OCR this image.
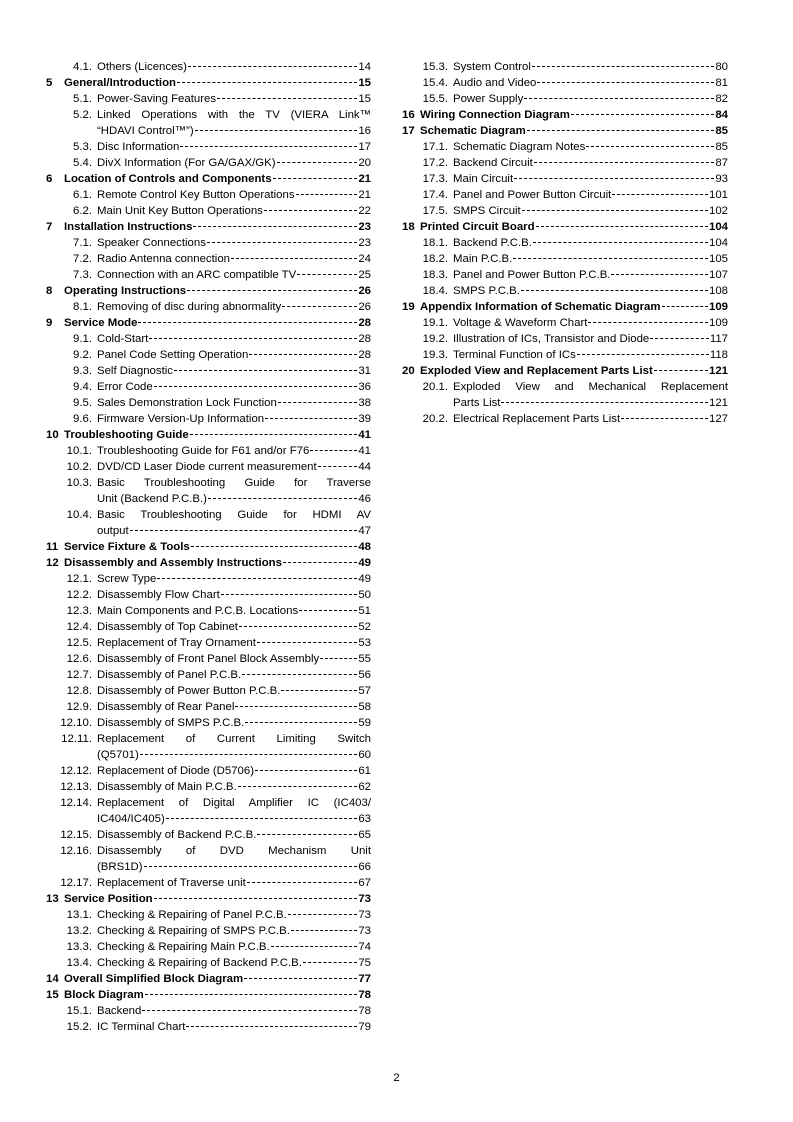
4.1. Others (Licences)	14
5	General/Introduction	15
5.1. Power-Saving Features	15
5.2. Linked Operations with the TV (VIERA Link™
“HDAVI Control™”)	16
5.3. Disc Information	17
5.4. DivX Information (For GA/GAX/GK)	20
6	Location of Controls and Components	21
6.1. Remote Control Key Button Operations	21
6.2. Main Unit Key Button Operations	22
7	Installation Instructions	23
7.1. Speaker Connections	23
7.2. Radio Antenna connection	24
7.3. Connection with an ARC compatible TV	25
8	Operating Instructions	26
8.1. Removing of disc during abnormality	26
9	Service Mode	28
9.1. Cold-Start	28
9.2. Panel Code Setting Operation	28
9.3. Self Diagnostic	31
9.4. Error Code	36
9.5. Sales Demonstration Lock Function	38
9.6. Firmware Version-Up Information	39
10 Troubleshooting Guide	41
10.1. Troubleshooting Guide for F61 and/or F76	41
10.2. DVD/CD Laser Diode current measurement	44
10.3. Basic Troubleshooting Guide for Traverse
Unit (Backend P.C.B.)	46
10.4. Basic Troubleshooting Guide for HDMI AV
output	47
11 Service Fixture & Tools	48
12 Disassembly and Assembly Instructions	49
12.1. Screw Type	49
12.2. Disassembly Flow Chart	50
12.3. Main Components and P.C.B. Locations	51
12.4. Disassembly of Top Cabinet	52
12.5. Replacement of Tray Ornament	53
12.6. Disassembly of Front Panel Block Assembly	55
12.7. Disassembly of Panel P.C.B.	56
12.8. Disassembly of Power Button P.C.B.	57
12.9. Disassembly of Rear Panel	58
12.10. Disassembly of SMPS P.C.B.	59
12.11. Replacement of Current Limiting Switch
(Q5701)	60
12.12. Replacement of Diode (D5706)	61
12.13. Disassembly of Main P.C.B.	62
12.14. Replacement of Digital Amplifier IC (IC403/
IC404/IC405)	63
12.15. Disassembly of Backend P.C.B.	65
12.16. Disassembly of DVD Mechanism Unit
(BRS1D)	66
12.17. Replacement of Traverse unit	67
13 Service Position	73
13.1. Checking & Repairing of Panel P.C.B.	73
13.2. Checking & Repairing of SMPS P.C.B.	73
13.3. Checking & Repairing Main P.C.B.	74
13.4. Checking & Repairing of Backend P.C.B.	75
14 Overall Simplified Block Diagram	77
15 Block Diagram	78
15.1. Backend	78
15.2. IC Terminal Chart	79
15.3. System Control	80
15.4. Audio and Video	81
15.5. Power Supply	82
16 Wiring Connection Diagram	84
17 Schematic Diagram	85
17.1. Schematic Diagram Notes	85
17.2. Backend Circuit	87
17.3. Main Circuit	93
17.4. Panel and Power Button Circuit	101
17.5. SMPS Circuit	102
18 Printed Circuit Board	104
18.1. Backend P.C.B.	104
18.2. Main P.C.B.	105
18.3. Panel and Power Button P.C.B.	107
18.4. SMPS P.C.B.	108
19 Appendix Information of Schematic Diagram	109
19.1. Voltage & Waveform Chart	109
19.2. Illustration of ICs, Transistor and Diode	117
19.3. Terminal Function of ICs	118
20 Exploded View and Replacement Parts List	121
20.1. Exploded View and Mechanical Replacement
Parts List	121
20.2. Electrical Replacement Parts List	127
2
